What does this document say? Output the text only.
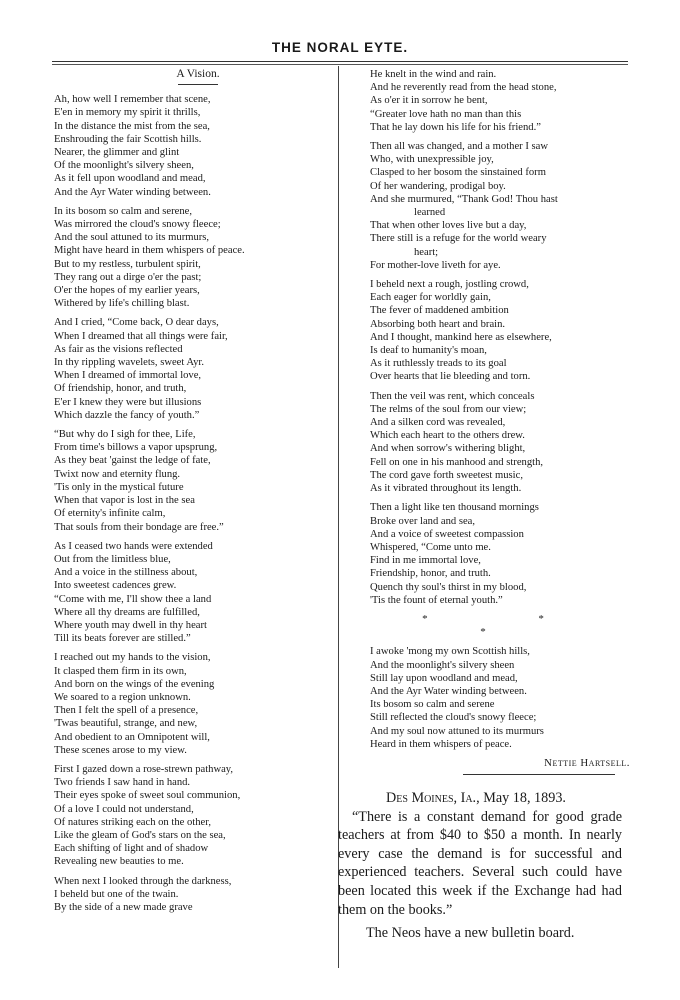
THE NORAL EYTE.
A Vision.
Ah, how well I remember that scene,
E'en in memory my spirit it thrills,
In the distance the mist from the sea,
Enshrouding the fair Scottish hills.
Nearer, the glimmer and glint
Of the moonlight's silvery sheen,
As it fell upon woodland and mead,
And the Ayr Water winding between.
In its bosom so calm and serene,
Was mirrored the cloud's snowy fleece;
And the soul attuned to its murmurs,
Might have heard in them whispers of peace.
But to my restless, turbulent spirit,
They rang out a dirge o'er the past;
O'er the hopes of my earlier years,
Withered by life's chilling blast.
And I cried, “Come back, O dear days,
When I dreamed that all things were fair,
As fair as the visions reflected
In thy rippling wavelets, sweet Ayr.
When I dreamed of immortal love,
Of friendship, honor, and truth,
E'er I knew they were but illusions
Which dazzle the fancy of youth.”
“But why do I sigh for thee, Life,
From time's billows a vapor upsprung,
As they beat 'gainst the ledge of fate,
Twixt now and eternity flung.
'Tis only in the mystical future
When that vapor is lost in the sea
Of eternity's infinite calm,
That souls from their bondage are free.”
As I ceased two hands were extended
Out from the limitless blue,
And a voice in the stillness about,
Into sweetest cadences grew.
“Come with me, I'll show thee a land
Where all thy dreams are fulfilled,
Where youth may dwell in thy heart
Till its beats forever are stilled.”
I reached out my hands to the vision,
It clasped them firm in its own,
And born on the wings of the evening
We soared to a region unknown.
Then I felt the spell of a presence,
'Twas beautiful, strange, and new,
And obedient to an Omnipotent will,
These scenes arose to my view.
First I gazed down a rose-strewn pathway,
Two friends I saw hand in hand.
Their eyes spoke of sweet soul communion,
Of a love I could not understand,
Of natures striking each on the other,
Like the gleam of God's stars on the sea,
Each shifting of light and of shadow
Revealing new beauties to me.
When next I looked through the darkness,
I beheld but one of the twain.
By the side of a new made grave
He knelt in the wind and rain.
And he reverently read from the head stone,
As o'er it in sorrow he bent,
“Greater love hath no man than this
That he lay down his life for his friend.”
Then all was changed, and a mother I saw
Who, with unexpressible joy,
Clasped to her bosom the sinstained form
Of her wandering, prodigal boy.
And she murmured, “Thank God! Thou hast
learned
That when other loves live but a day,
There still is a refuge for the world weary
heart;
For mother-love liveth for aye.
I beheld next a rough, jostling crowd,
Each eager for worldly gain,
The fever of maddened ambition
Absorbing both heart and brain.
And I thought, mankind here as elsewhere,
Is deaf to humanity's moan,
As it ruthlessly treads to its goal
Over hearts that lie bleeding and torn.
Then the veil was rent, which conceals
The relms of the soul from our view;
And a silken cord was revealed,
Which each heart to the others drew.
And when sorrow's withering blight,
Fell on one in his manhood and strength,
The cord gave forth sweetest music,
As it vibrated throughout its length.
Then a light like ten thousand mornings
Broke over land and sea,
And a voice of sweetest compassion
Whispered, “Come unto me.
Find in me immortal love,
Friendship, honor, and truth.
Quench thy soul's thirst in my blood,
'Tis the fount of eternal youth.”
* * *
I awoke 'mong my own Scottish hills,
And the moonlight's silvery sheen
Still lay upon woodland and mead,
And the Ayr Water winding between.
Its bosom so calm and serene
Still reflected the cloud's snowy fleece;
And my soul now attuned to its murmurs
Heard in them whispers of peace.
Nettie Hartsell.

Des Moines, Ia., May 18, 1893.

“There is a constant demand for good grade teachers at from $40 to $50 a month. In nearly every case the demand is for successful and experienced teachers. Several such could have been located this week if the Exchange had had them on the books.”

The Neos have a new bulletin board.
